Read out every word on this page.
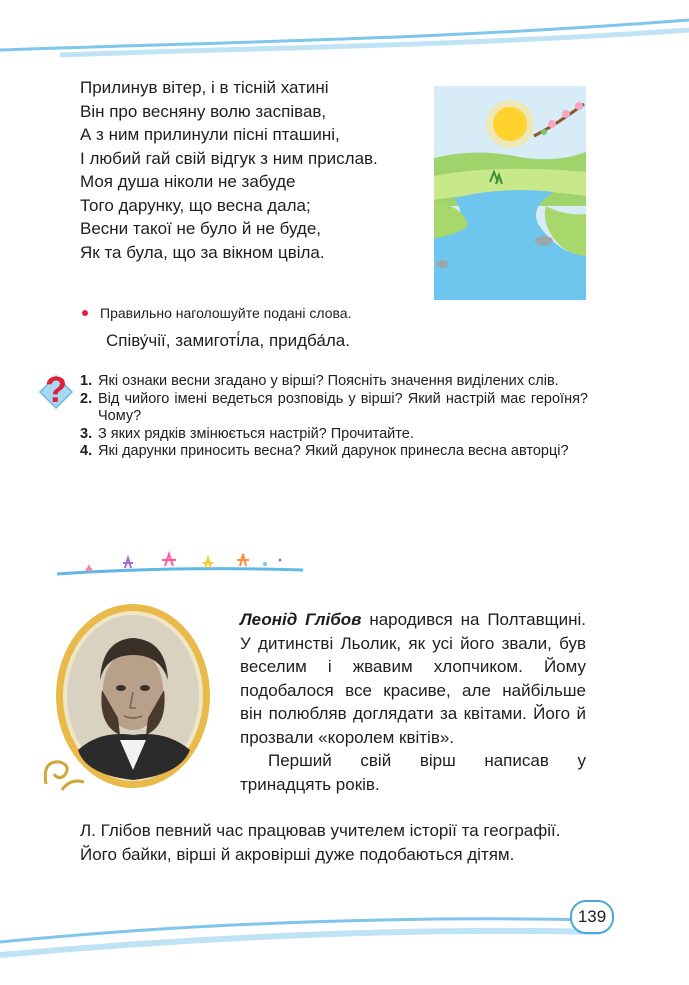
Прилинув вітер, і в тісній хатині
Він про весняну волю заспівав,
А з ним прилинули пісні пташині,
І любий гай свій відгук з ним прислав.
Моя душа ніколи не забуде
Того дарунку, що весна дала;
Весни такої не було й не буде,
Як та була, що за вікном цвіла.
Правильно наголошуйте подані слова.
Співу́чії, замиготі́ла, придба́ла.
? 1. Які ознаки весни згадано у вірші? Поясніть значення виділених слів.
2. Від чийого імені ведеться розповідь у вірші? Який настрій має героїня? Чому?
3. З яких рядків змінюється настрій? Прочитайте.
4. Які дарунки приносить весна? Який дарунок принесла весна авторці?
Леонід Глібов народився на Полтавщині. У дитинстві Льолик, як усі його звали, був веселим і жвавим хлопчиком. Йому подобалося все красиве, але найбільше він полюбляв доглядати за квітами. Його й прозвали «королем квітів».
Перший свій вірш написав у тринадцять років.

Л. Глібов певний час працював учителем історії та географії.

Його байки, вірші й акровірші дуже подобаються дітям.

139
